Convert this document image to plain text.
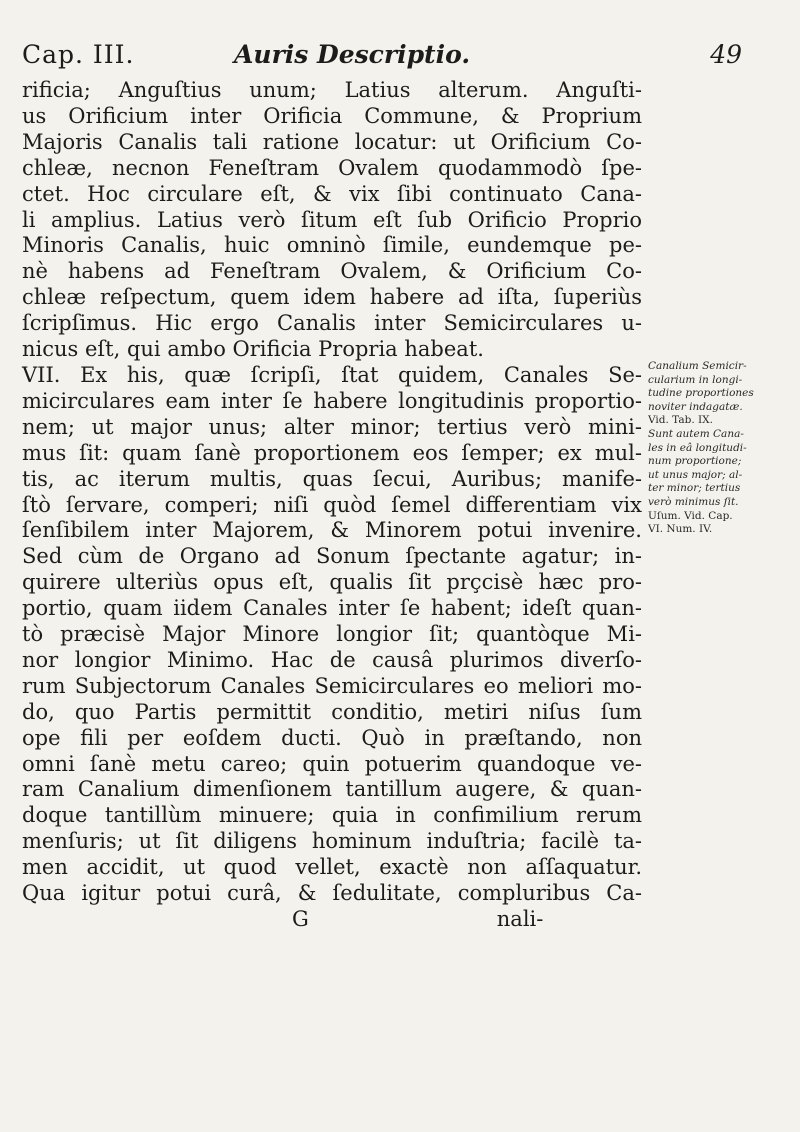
Cap. III.	Auris Descriptio.	49
rificia; Anguſtius unum; Latius alterum. Anguſti-
us Orificium inter Orificia Commune, & Proprium
Majoris Canalis tali ratione locatur: ut Orificium Co-
chleæ, necnon Feneſtram Ovalem quodammodò ſpe-
ctet. Hoc circulare eſt, & vix ſibi continuato Cana-
li amplius. Latius verò ſitum eſt ſub Orificio Proprio
Minoris Canalis, huic omninò ſimile, eundemque pe-
nè habens ad Feneſtram Ovalem, & Orificium Co-
chleæ reſpectum, quem idem habere ad iſta, ſuperiùs
ſcripſimus. Hic ergo Canalis inter Semicirculares u-
nicus eſt, qui ambo Orificia Propria habeat.
VII. Ex his, quæ ſcripſi, ſtat quidem, Canales Se-
micirculares eam inter ſe habere longitudinis proportio-
nem; ut major unus; alter minor; tertius verò mini-
mus ſit: quam ſanè proportionem eos ſemper; ex mul-
tis, ac iterum multis, quas ſecui, Auribus; manife-
ſtò ſervare, comperi; niſi quòd ſemel differentiam vix
ſenſibilem inter Majorem, & Minorem potui invenire.
Sed cùm de Organo ad Sonum ſpectante agatur; in-
quirere ulteriùs opus eſt, qualis ſit prçcisè hæc pro-
portio, quam iidem Canales inter ſe habent; ideſt quan-
tò præcisè Major Minore longior ſit; quantòque Mi-
nor longior Minimo. Hac de causâ plurimos diverſo-
rum Subjectorum Canales Semicirculares eo meliori mo-
do, quo Partis permittit conditio, metiri niſus ſum
ope fili per eoſdem ducti. Quò in præſtando, non
omni ſanè metu careo; quin potuerim quandoque ve-
ram Canalium dimenſionem tantillum augere, & quan-
doque tantillùm minuere; quia in confimilium rerum
menſuris; ut ſit diligens hominum induſtria; facilè ta-
men accidit, ut quod vellet, exactè non aſſaquatur.
Qua igitur potui curâ, & ſedulitate, compluribus Ca-
G	nali-
Canalium Semicir-
cularium in longi-
tudine proportiones
noviter indagatæ.
Vid. Tab. IX.
Sunt autem Cana-
les in eâ longitudi-
num proportione;
ut unus major; al-
ter minor; tertius
verò minimus ſit.
Uſum. Vid. Cap.
VI. Num. IV.
